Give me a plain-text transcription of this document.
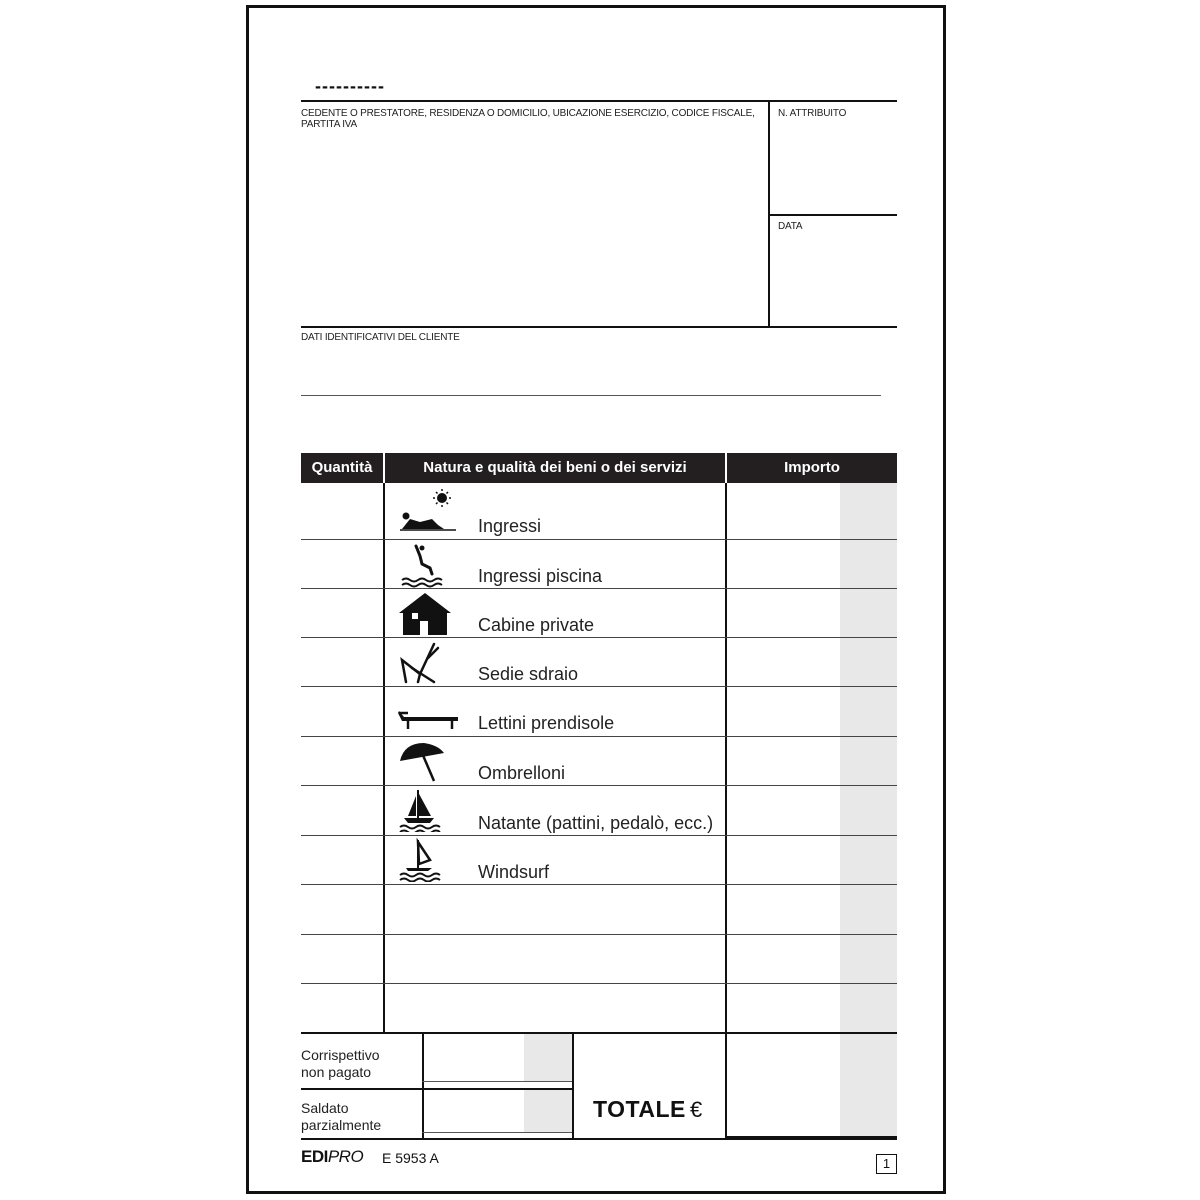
----------
CEDENTE O PRESTATORE, RESIDENZA O DOMICILIO, UBICAZIONE ESERCIZIO, CODICE FISCALE, PARTITA IVA
N. ATTRIBUITO
DATA
DATI IDENTIFICATIVI DEL CLIENTE
Quantità	Natura e qualità dei beni o dei servizi	Importo
Ingressi
Ingressi piscina
Cabine private
Sedie sdraio
Lettini prendisole
Ombrelloni
Natante (pattini, pedalò, ecc.)
Windsurf
Corrispettivo
non pagato
Saldato
parzialmente
TOTALE €
EDIPRO E 5953 A	1
